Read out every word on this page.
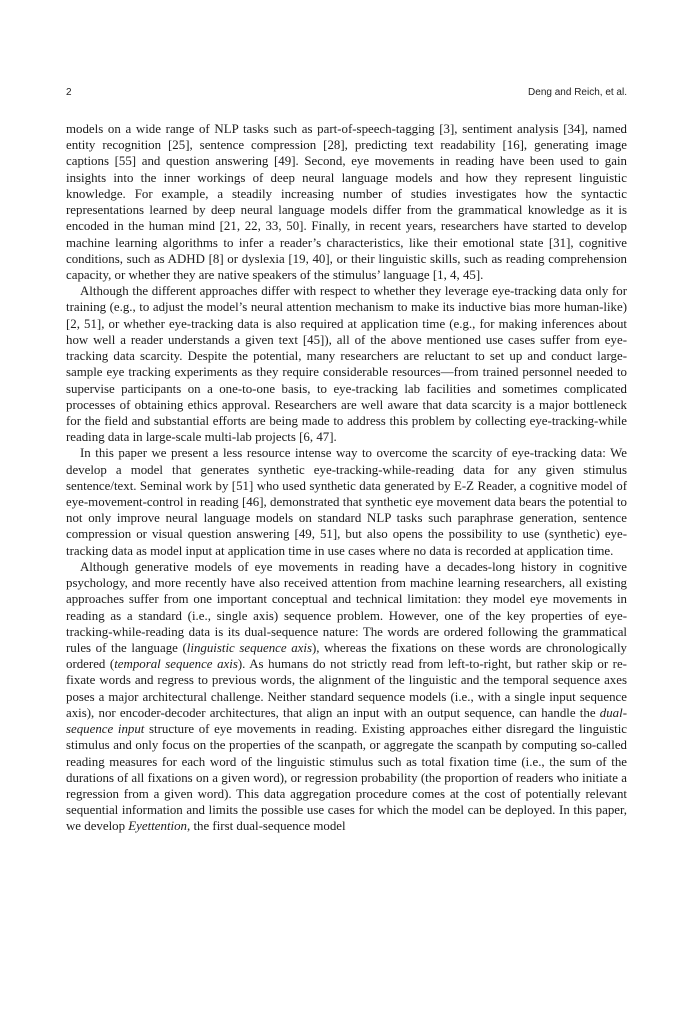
2	Deng and Reich, et al.

models on a wide range of NLP tasks such as part-of-speech-tagging [3], sentiment analysis [34], named entity recognition [25], sentence compression [28], predicting text readability [16], generating image captions [55] and question answering [49]. Second, eye movements in reading have been used to gain insights into the inner workings of deep neural language models and how they represent linguistic knowledge. For example, a steadily increasing number of studies investigates how the syntactic representations learned by deep neural language models differ from the grammatical knowledge as it is encoded in the human mind [21, 22, 33, 50]. Finally, in recent years, researchers have started to develop machine learning algorithms to infer a reader’s characteristics, like their emotional state [31], cognitive conditions, such as ADHD [8] or dyslexia [19, 40], or their linguistic skills, such as reading comprehension capacity, or whether they are native speakers of the stimulus’ language [1, 4, 45].

Although the different approaches differ with respect to whether they leverage eye-tracking data only for training (e.g., to adjust the model’s neural attention mechanism to make its inductive bias more human-like) [2, 51], or whether eye-tracking data is also required at application time (e.g., for making inferences about how well a reader understands a given text [45]), all of the above mentioned use cases suffer from eye-tracking data scarcity. Despite the potential, many researchers are reluctant to set up and conduct large-sample eye tracking experiments as they require considerable resources—from trained personnel needed to supervise participants on a one-to-one basis, to eye-tracking lab facilities and sometimes complicated processes of obtaining ethics approval. Researchers are well aware that data scarcity is a major bottleneck for the field and substantial efforts are being made to address this problem by collecting eye-tracking-while reading data in large-scale multi-lab projects [6, 47].

In this paper we present a less resource intense way to overcome the scarcity of eye-tracking data: We develop a model that generates synthetic eye-tracking-while-reading data for any given stimulus sentence/text. Seminal work by [51] who used synthetic data generated by E-Z Reader, a cognitive model of eye-movement-control in reading [46], demonstrated that synthetic eye movement data bears the potential to not only improve neural language models on standard NLP tasks such paraphrase generation, sentence compression or visual question answering [49, 51], but also opens the possibility to use (synthetic) eye-tracking data as model input at application time in use cases where no data is recorded at application time.

Although generative models of eye movements in reading have a decades-long history in cognitive psychology, and more recently have also received attention from machine learning researchers, all existing approaches suffer from one important conceptual and technical limitation: they model eye movements in reading as a standard (i.e., single axis) sequence problem. However, one of the key properties of eye-tracking-while-reading data is its dual-sequence nature: The words are ordered following the grammatical rules of the language (linguistic sequence axis), whereas the fixations on these words are chronologically ordered (temporal sequence axis). As humans do not strictly read from left-to-right, but rather skip or re-fixate words and regress to previous words, the alignment of the linguistic and the temporal sequence axes poses a major architectural challenge. Neither standard sequence models (i.e., with a single input sequence axis), nor encoder-decoder architectures, that align an input with an output sequence, can handle the dual-sequence input structure of eye movements in reading. Existing approaches either disregard the linguistic stimulus and only focus on the properties of the scanpath, or aggregate the scanpath by computing so-called reading measures for each word of the linguistic stimulus such as total fixation time (i.e., the sum of the durations of all fixations on a given word), or regression probability (the proportion of readers who initiate a regression from a given word). This data aggregation procedure comes at the cost of potentially relevant sequential information and limits the possible use cases for which the model can be deployed. In this paper, we develop Eyettention, the first dual-sequence model
